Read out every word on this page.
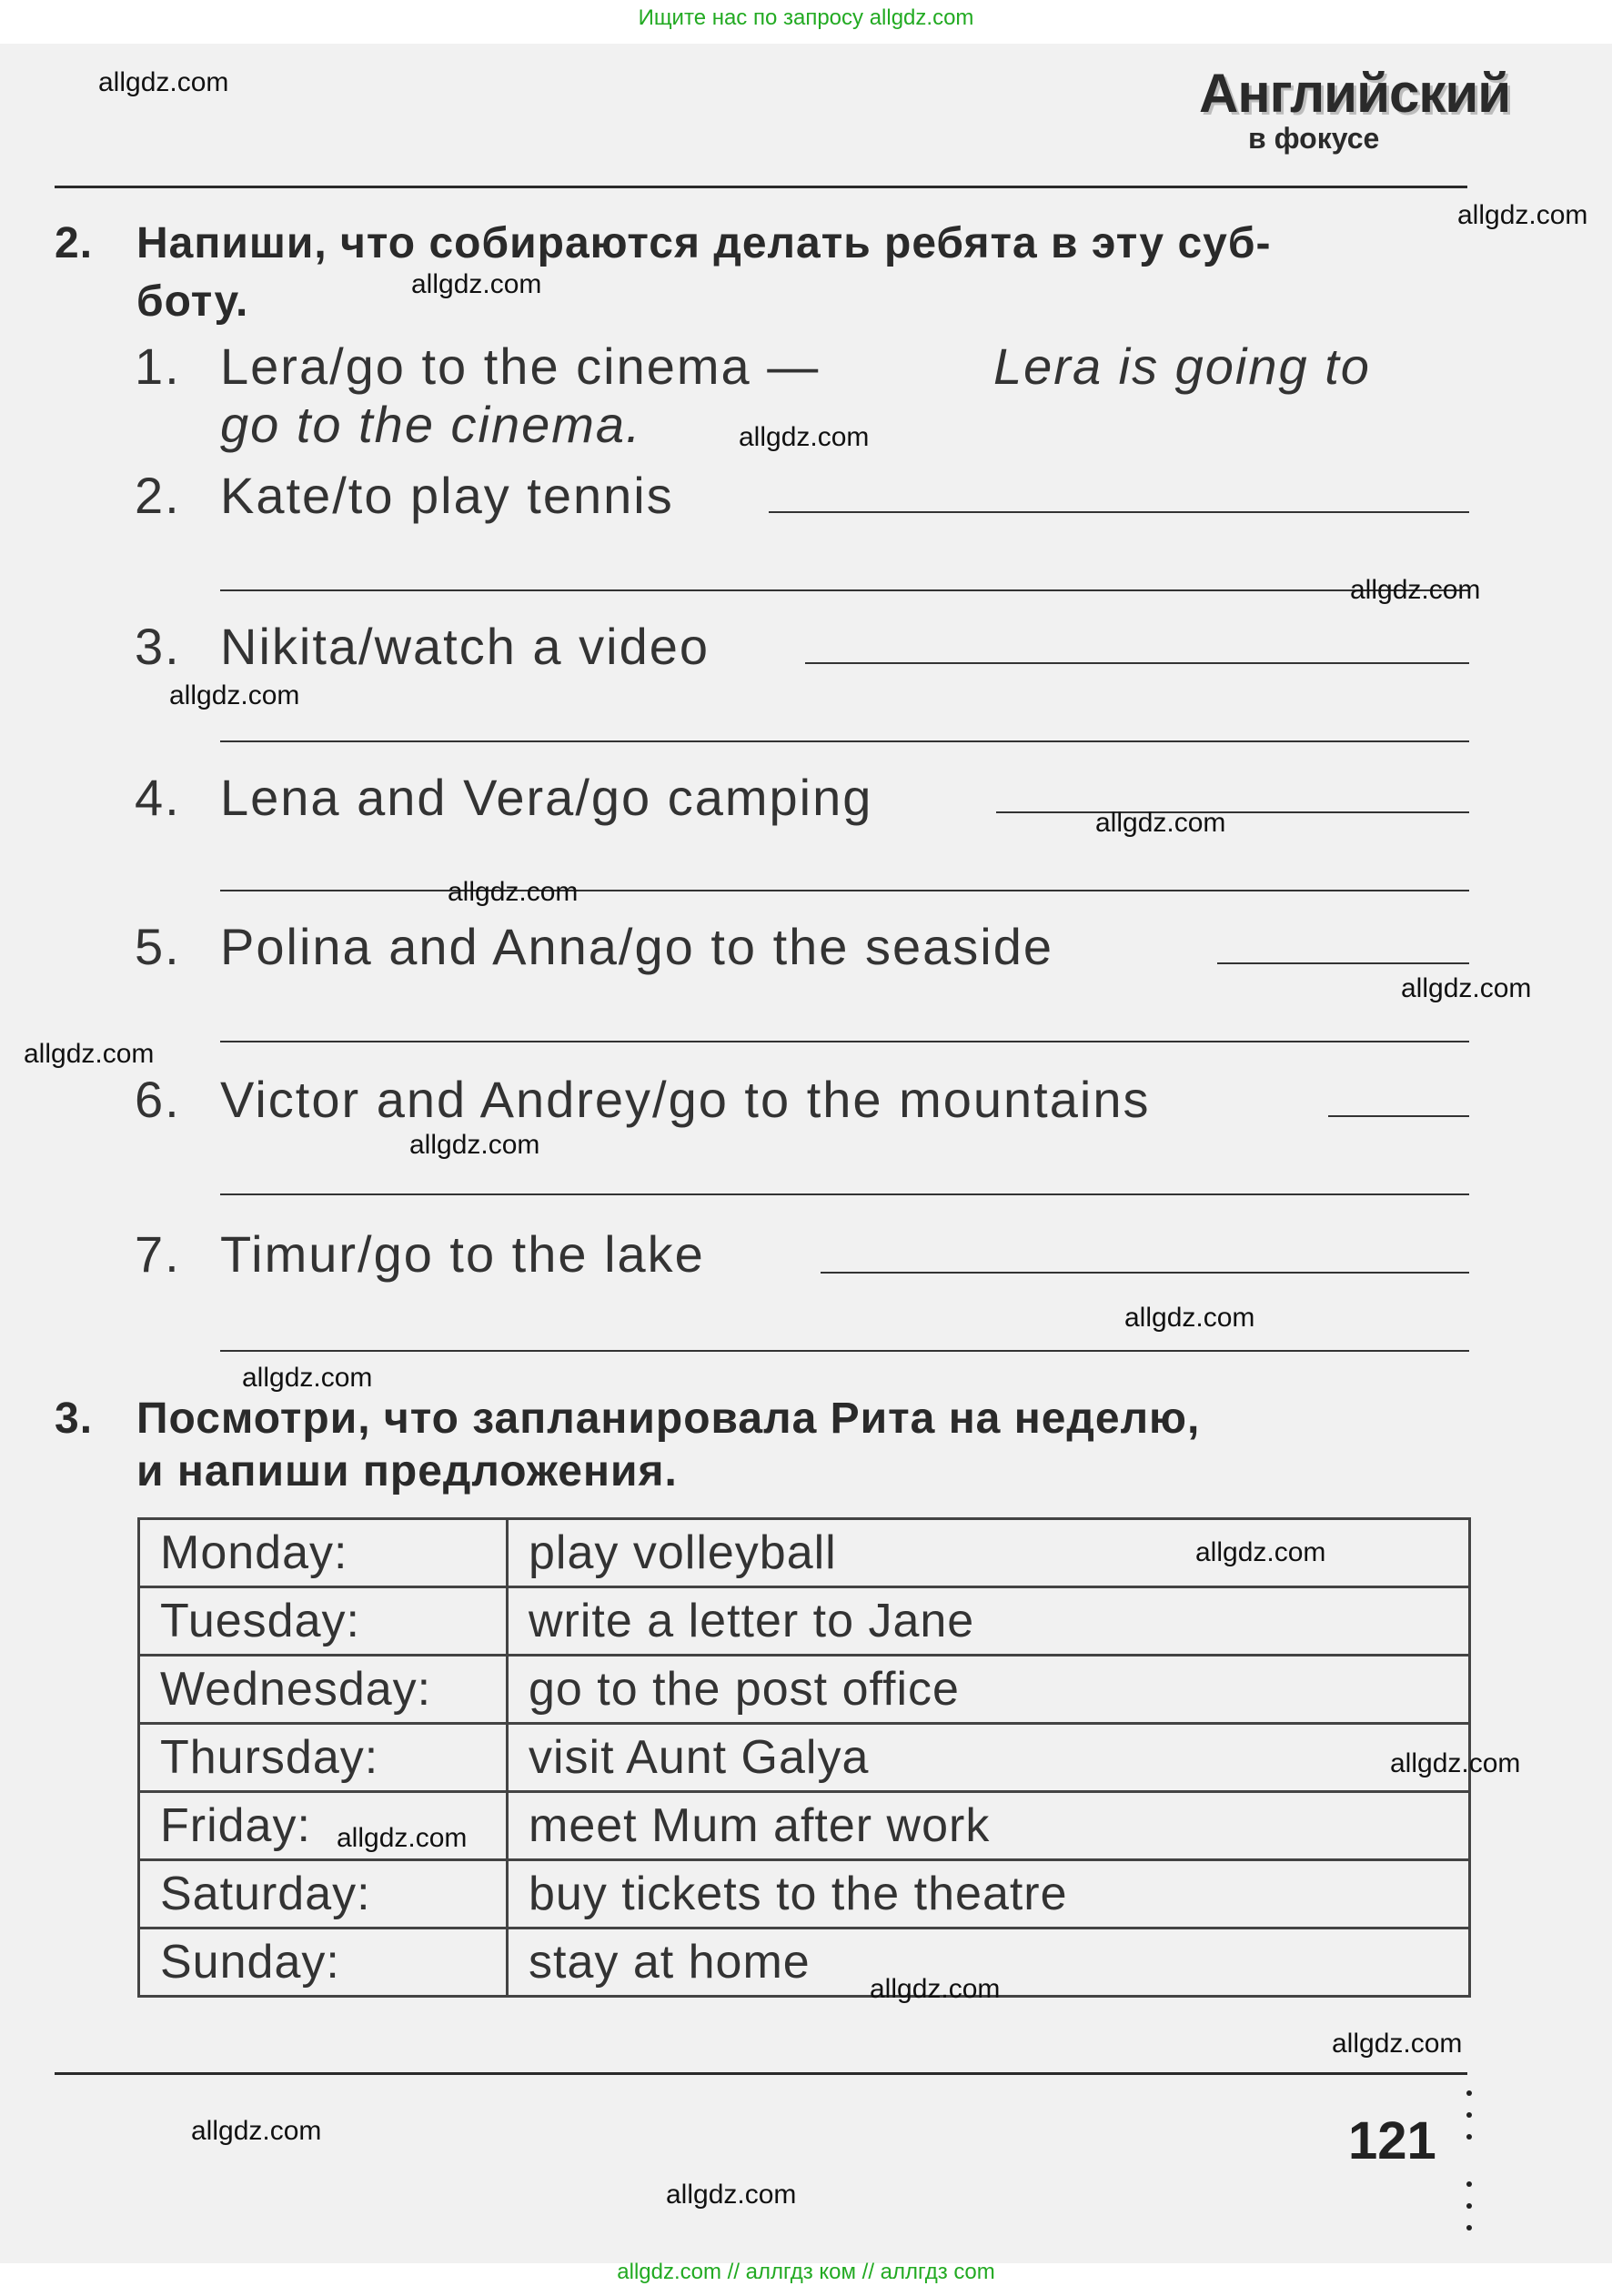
Ищите нас по запросу allgdz.com
Английский
в фокусе
2. Напиши, что собираются делать ребята в эту суб-
боту.
1. Lera/go to the cinema —	Lera is going to
go to the cinema.
2. Kate/to play tennis
3. Nikita/watch a video
4. Lena and Vera/go camping
5. Polina and Anna/go to the seaside
6. Victor and Andrey/go to the mountains
7. Timur/go to the lake
3. Посмотри, что запланировала Рита на неделю,
и напиши предложения.
Monday:	play volleyball
Tuesday:	write a letter to Jane
Wednesday:	go to the post office
Thursday:	visit Aunt Galya
Friday:	meet Mum after work
Saturday:	buy tickets to the theatre
Sunday:	stay at home
121
allgdz.com
allgdz.com
allgdz.com
allgdz.com
allgdz.com
allgdz.com
allgdz.com
allgdz.com
allgdz.com
allgdz.com
allgdz.com
allgdz.com
allgdz.com
allgdz.com
allgdz.com
allgdz.com
allgdz.com
allgdz.com
allgdz.com
allgdz.com
allgdz.com // аллгдз ком // аллгдз com
